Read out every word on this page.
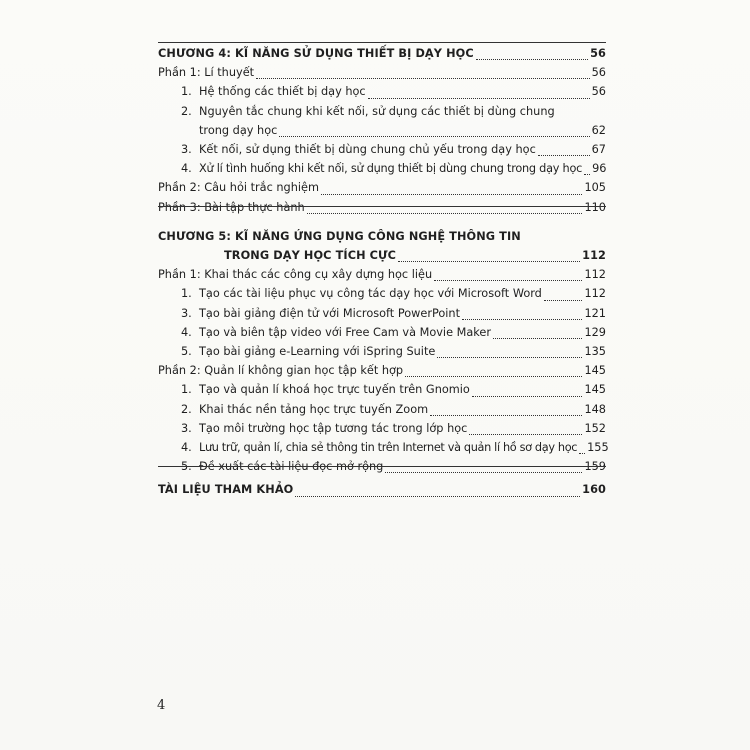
CHƯƠNG 4: KĨ NĂNG SỬ DỤNG THIẾT BỊ DẠY HỌC	56
Phần 1: Lí thuyết	56
1. Hệ thống các thiết bị dạy học	56
2. Nguyên tắc chung khi kết nối, sử dụng các thiết bị dùng chung
trong dạy học	62
3. Kết nối, sử dụng thiết bị dùng chung chủ yếu trong dạy học	67
4. Xử lí tình huống khi kết nối, sử dụng thiết bị dùng chung trong dạy học 96
Phần 2: Câu hỏi trắc nghiệm	105
Phần 3: Bài tập thực hành	110
CHƯƠNG 5: KĨ NĂNG ỨNG DỤNG CÔNG NGHỆ THÔNG TIN
TRONG DẠY HỌC TÍCH CỰC	112
Phần 1: Khai thác các công cụ xây dựng học liệu	112
1. Tạo các tài liệu phục vụ công tác dạy học với Microsoft Word	112
3. Tạo bài giảng điện tử với Microsoft PowerPoint	121
4. Tạo và biên tập video với Free Cam và Movie Maker	129
5. Tạo bài giảng e-Learning với iSpring Suite	135
Phần 2: Quản lí không gian học tập kết hợp	145
1. Tạo và quản lí khoá học trực tuyến trên Gnomio	145
2. Khai thác nền tảng học trực tuyến Zoom	148
3. Tạo môi trường học tập tương tác trong lớp học	152
4. Lưu trữ, quản lí, chia sẻ thông tin trên Internet và quản lí hồ sơ dạy học 155
5. Đề xuất các tài liệu đọc mở rộng	159
TÀI LIỆU THAM KHẢO	160
4
